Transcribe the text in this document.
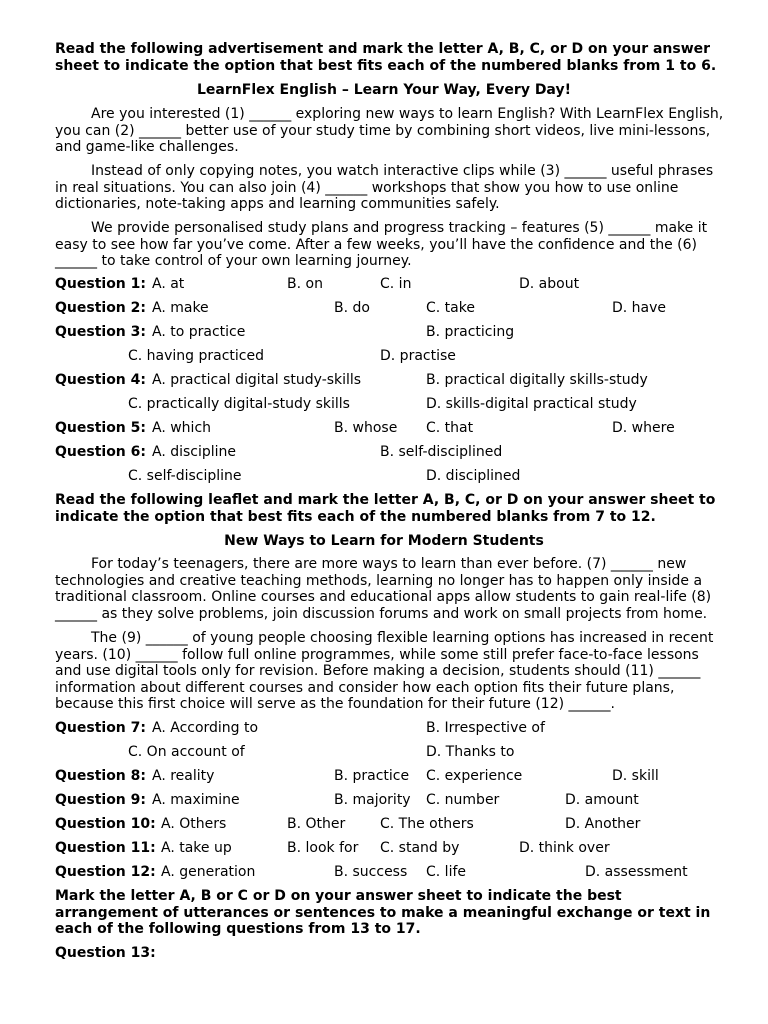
Read the following advertisement and mark the letter A, B, C, or D on your answer sheet to indicate the option that best fits each of the numbered blanks from 1 to 6.

LearnFlex English – Learn Your Way, Every Day!

Are you interested (1) ______ exploring new ways to learn English? With LearnFlex English, you can (2) ______ better use of your study time by combining short videos, live mini-lessons, and game-like challenges.

Instead of only copying notes, you watch interactive clips while (3) ______ useful phrases in real situations. You can also join (4) ______ workshops that show you how to use online dictionaries, note-taking apps and learning communities safely.

We provide personalised study plans and progress tracking – features (5) ______ make it easy to see how far you’ve come. After a few weeks, you’ll have the confidence and the (6) ______ to take control of your own learning journey.

Question 1: A. at	B. on	C. in	D. about
Question 2: A. make	B. do	C. take	D. have
Question 3: A. to practice	B. practicing
C. having practiced	D. practise
Question 4: A. practical digital study-skills	B. practical digitally skills-study
C. practically digital-study skills	D. skills-digital practical study
Question 5: A. which	B. whose C. that	D. where
Question 6: A. discipline	B. self-disciplined
C. self-discipline	D. disciplined

Read the following leaflet and mark the letter A, B, C, or D on your answer sheet to indicate the option that best fits each of the numbered blanks from 7 to 12.

New Ways to Learn for Modern Students

For today’s teenagers, there are more ways to learn than ever before. (7) ______ new technologies and creative teaching methods, learning no longer has to happen only inside a traditional classroom. Online courses and educational apps allow students to gain real-life (8) ______ as they solve problems, join discussion forums and work on small projects from home.

The (9) ______ of young people choosing flexible learning options has increased in recent years. (10) ______ follow full online programmes, while some still prefer face-to-face lessons and use digital tools only for revision. Before making a decision, students should (11) ______ information about different courses and consider how each option fits their future plans, because this first choice will serve as the foundation for their future (12) ______.

Question 7: A. According to	B. Irrespective of
C. On account of	D. Thanks to
Question 8: A. reality	B. practice C. experience	D. skill
Question 9: A. maximine	B. majority C. number	D. amount
Question 10: A. Others	B. Other C. The others	D. Another
Question 11: A. take up	B. look for C. stand by	D. think over
Question 12: A. generation	B. success C. life	D. assessment

Mark the letter A, B or C or D on your answer sheet to indicate the best arrangement of utterances or sentences to make a meaningful exchange or text in each of the following questions from 13 to 17.

Question 13:
